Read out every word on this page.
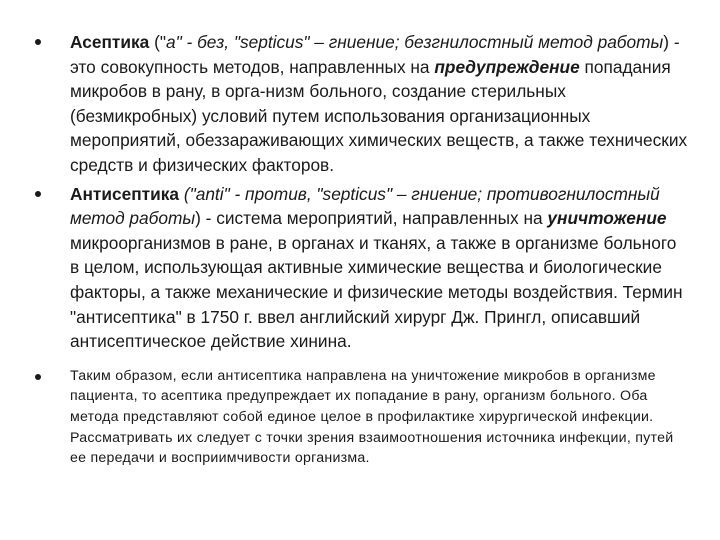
Асептика ("а" - без, "septicus" – гниение; безгнилостный метод работы) - это совокупность методов, направленных на предупреждение попадания микробов в рану, в орга-низм больного, создание стерильных (безмикробных) условий путем использования организационных мероприятий, обеззараживающих химических веществ, а также технических средств и физических факторов.

Антисептика ("anti" - против, "septicus" – гниение; противогнилостный метод работы) - система мероприятий, направленных на уничтожение микроорганизмов в ране, в органах и тканях, а также в организме больного в целом, использующая активные химические вещества и биологические факторы, а также механические и физические методы воздействия. Термин "антисептика" в 1750 г. ввел английский хирург Дж. Прингл, описавший антисептическое действие хинина.

Таким образом, если антисептика направлена на уничтожение микробов в организме пациента, то асептика предупреждает их попадание в рану, организм больного. Оба метода представляют собой единое целое в профилактике хирургической инфекции. Рассматривать их следует с точки зрения взаимоотношения источника инфекции, путей ее передачи и восприимчивости организма.
